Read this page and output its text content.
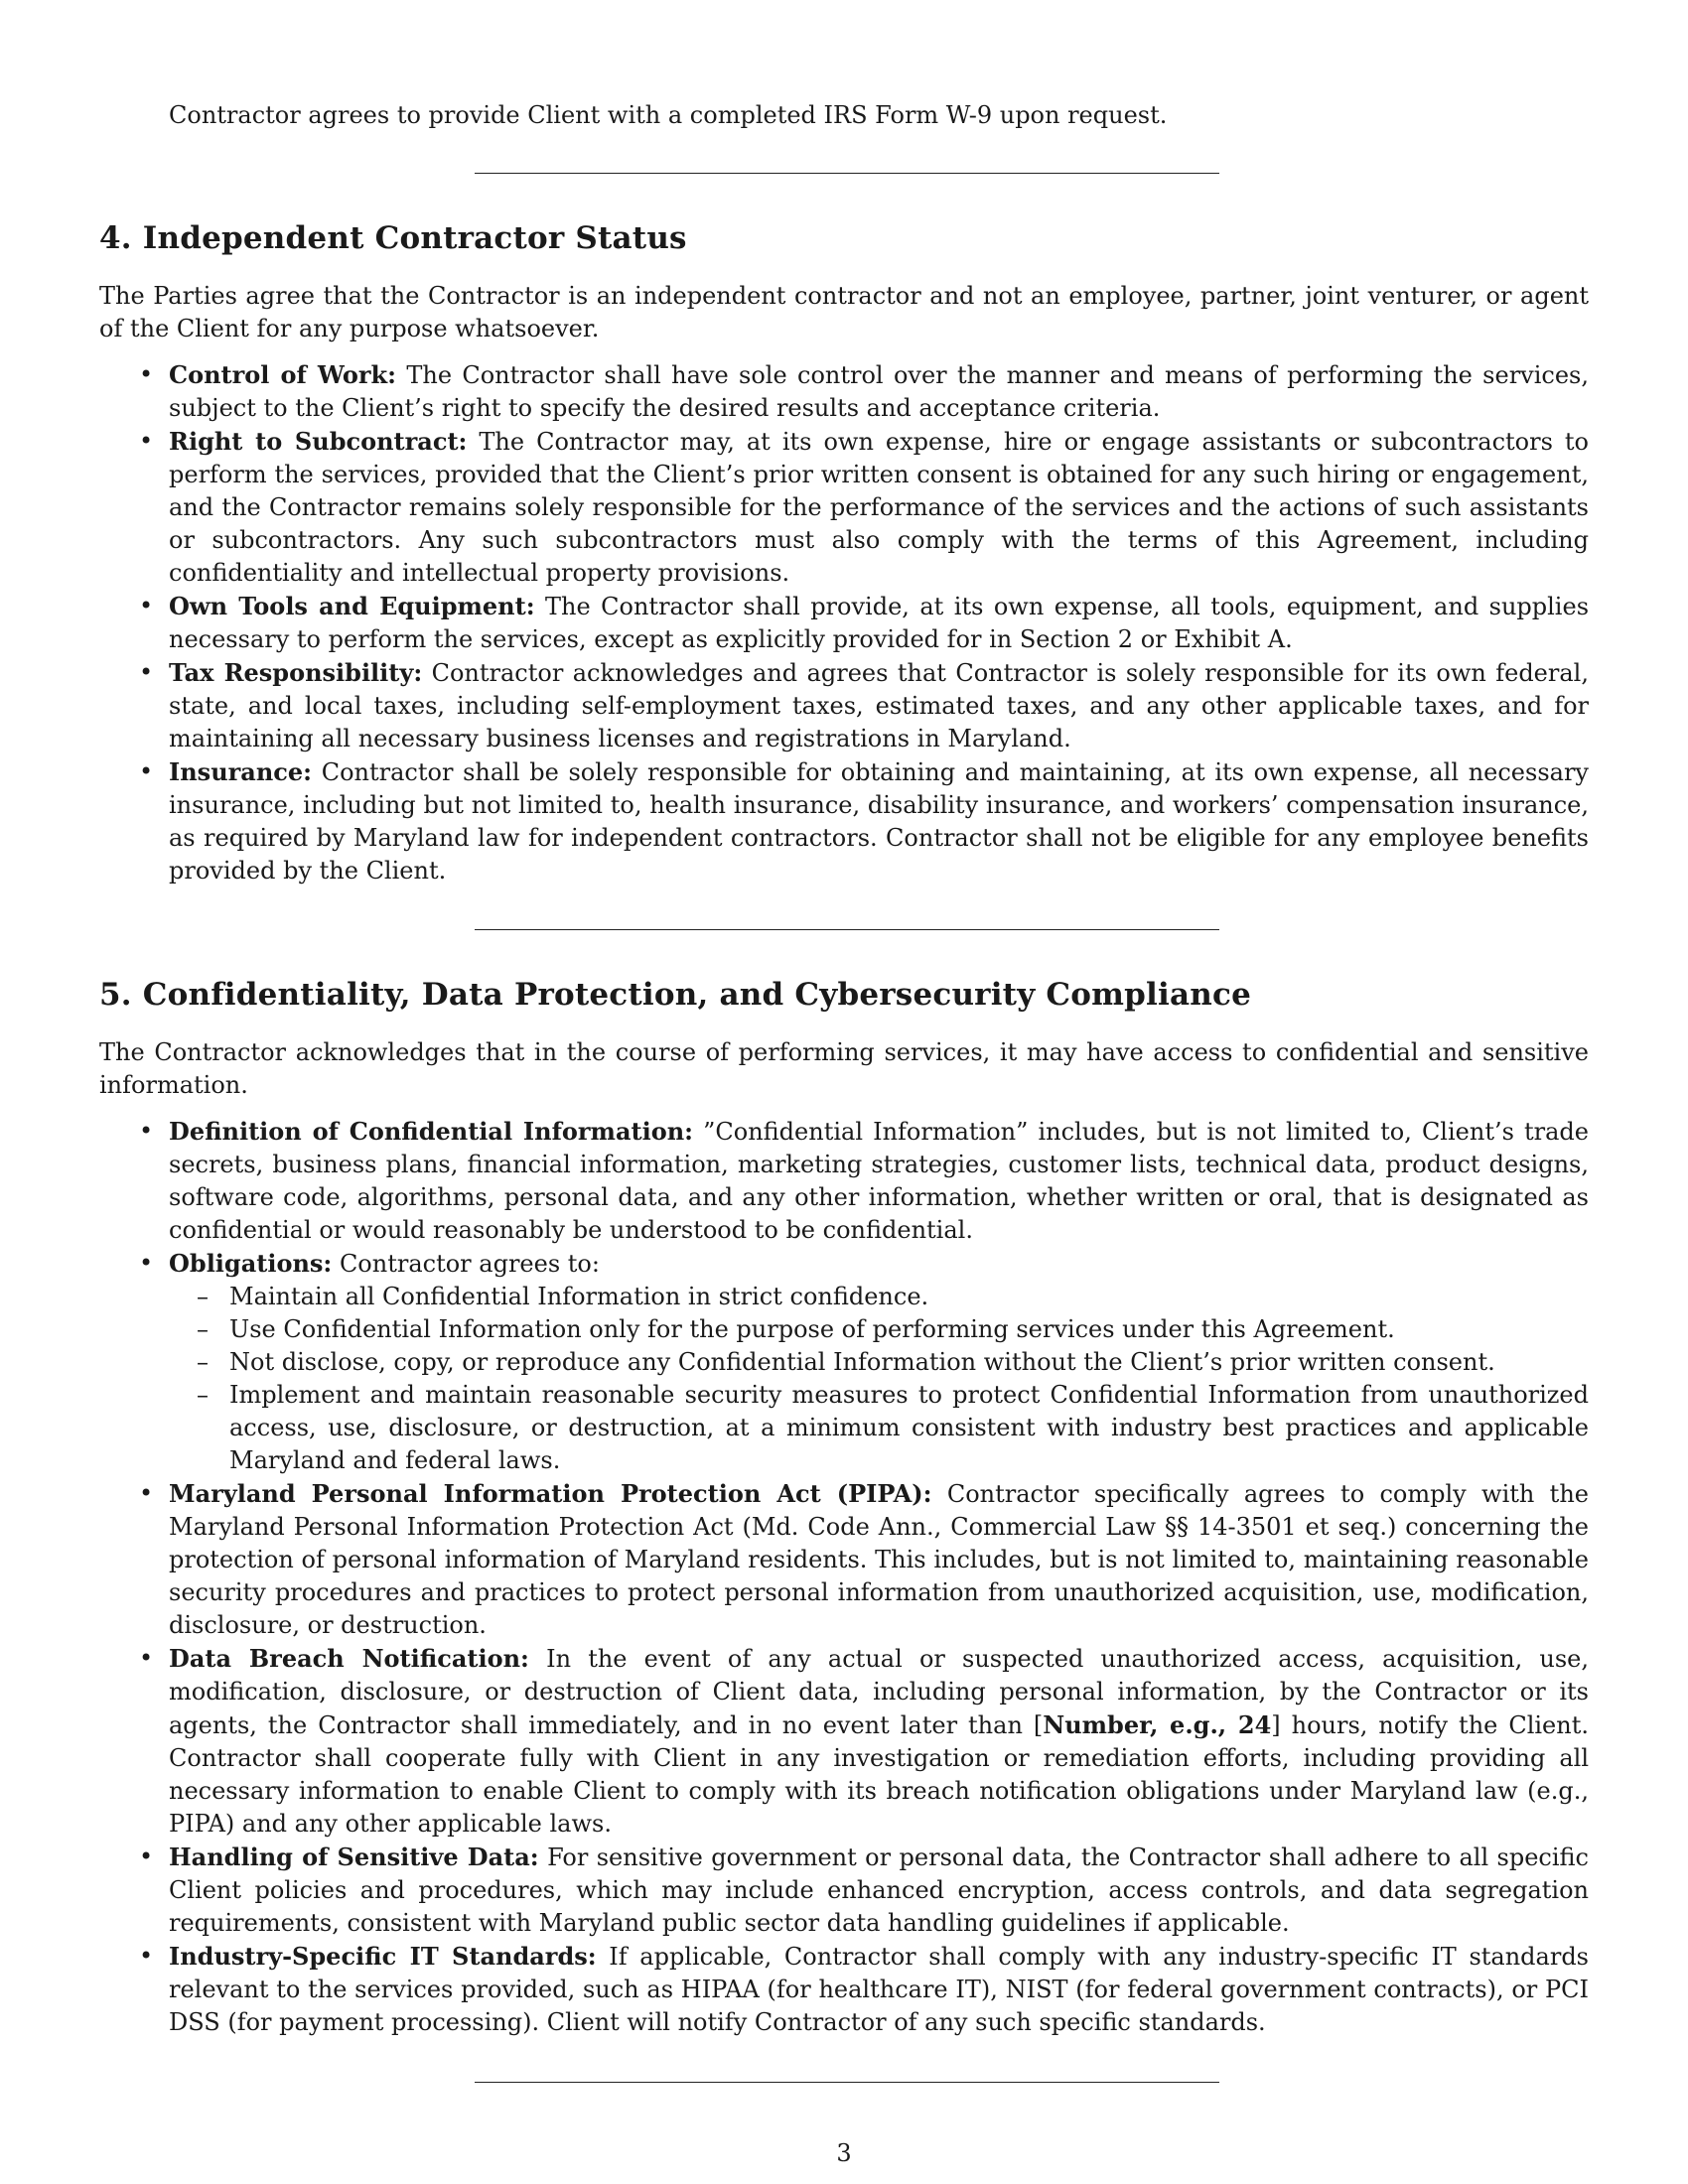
Contractor agrees to provide Client with a completed IRS Form W-9 upon request.

4. Independent Contractor Status

The Parties agree that the Contractor is an independent contractor and not an employee, partner, joint venturer, or agent of the Client for any purpose whatsoever.

• Control of Work: The Contractor shall have sole control over the manner and means of performing the services, subject to the Client’s right to specify the desired results and acceptance criteria.
• Right to Subcontract: The Contractor may, at its own expense, hire or engage assistants or subcontractors to perform the services, provided that the Client’s prior written consent is obtained for any such hiring or engagement, and the Contractor remains solely responsible for the performance of the services and the actions of such assistants or subcontractors. Any such subcontractors must also comply with the terms of this Agreement, including confidentiality and intellectual property provisions.
• Own Tools and Equipment: The Contractor shall provide, at its own expense, all tools, equipment, and supplies necessary to perform the services, except as explicitly provided for in Section 2 or Exhibit A.
• Tax Responsibility: Contractor acknowledges and agrees that Contractor is solely responsible for its own federal, state, and local taxes, including self-employment taxes, estimated taxes, and any other applicable taxes, and for maintaining all necessary business licenses and registrations in Maryland.
• Insurance: Contractor shall be solely responsible for obtaining and maintaining, at its own expense, all necessary insurance, including but not limited to, health insurance, disability insurance, and workers’ compensation insurance, as required by Maryland law for independent contractors. Contractor shall not be eligible for any employee benefits provided by the Client.
5. Confidentiality, Data Protection, and Cybersecurity Compliance

The Contractor acknowledges that in the course of performing services, it may have access to confidential and sensitive information.

• Definition of Confidential Information: ”Confidential Information” includes, but is not limited to, Client’s trade secrets, business plans, financial information, marketing strategies, customer lists, technical data, product designs, software code, algorithms, personal data, and any other information, whether written or oral, that is designated as confidential or would reasonably be understood to be confidential.
• Obligations: Contractor agrees to:
– Maintain all Confidential Information in strict confidence.
– Use Confidential Information only for the purpose of performing services under this Agreement.
– Not disclose, copy, or reproduce any Confidential Information without the Client’s prior written consent.
– Implement and maintain reasonable security measures to protect Confidential Information from unauthorized access, use, disclosure, or destruction, at a minimum consistent with industry best practices and applicable Maryland and federal laws.
• Maryland Personal Information Protection Act (PIPA): Contractor specifically agrees to comply with the Maryland Personal Information Protection Act (Md. Code Ann., Commercial Law §§ 14-3501 et seq.) concerning the protection of personal information of Maryland residents. This includes, but is not limited to, maintaining reasonable security procedures and practices to protect personal information from unauthorized acquisition, use, modification, disclosure, or destruction.
• Data Breach Notification: In the event of any actual or suspected unauthorized access, acquisition, use, modification, disclosure, or destruction of Client data, including personal information, by the Contractor or its agents, the Contractor shall immediately, and in no event later than [Number, e.g., 24] hours, notify the Client. Contractor shall cooperate fully with Client in any investigation or remediation efforts, including providing all necessary information to enable Client to comply with its breach notification obligations under Maryland law (e.g., PIPA) and any other applicable laws.
• Handling of Sensitive Data: For sensitive government or personal data, the Contractor shall adhere to all specific Client policies and procedures, which may include enhanced encryption, access controls, and data segregation requirements, consistent with Maryland public sector data handling guidelines if applicable.
• Industry-Specific IT Standards: If applicable, Contractor shall comply with any industry-specific IT standards relevant to the services provided, such as HIPAA (for healthcare IT), NIST (for federal government contracts), or PCI DSS (for payment processing). Client will notify Contractor of any such specific standards.
3
